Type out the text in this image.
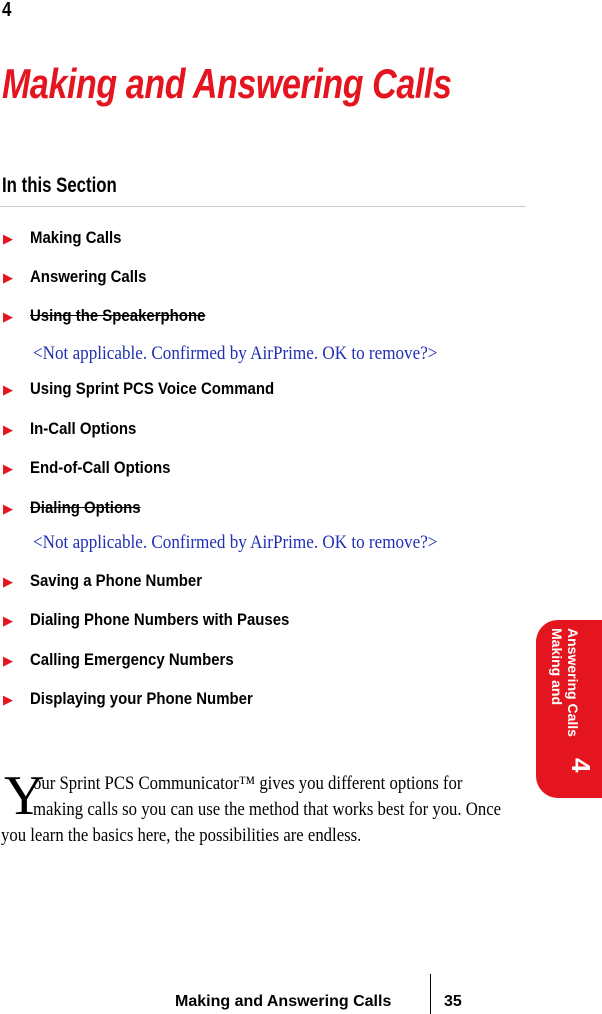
4
Making and Answering Calls
In this Section
▶ Making Calls
▶ Answering Calls
▶ Using the Speakerphone
<Not applicable. Confirmed by AirPrime. OK to remove?>
▶ Using Sprint PCS Voice Command
▶ In-Call Options
▶ End-of-Call Options
▶ Dialing Options
<Not applicable. Confirmed by AirPrime. OK to remove?>
▶ Saving a Phone Number
▶ Dialing Phone Numbers with Pauses
▶ Calling Emergency Numbers
▶ Displaying your Phone Number
Y
our Sprint PCS Communicator™ gives you different options for
making calls so you can use the method that works best for you. Once
you learn the basics here, the possibilities are endless.
Making and Answering Calls
4
Making and Answering Calls	35
